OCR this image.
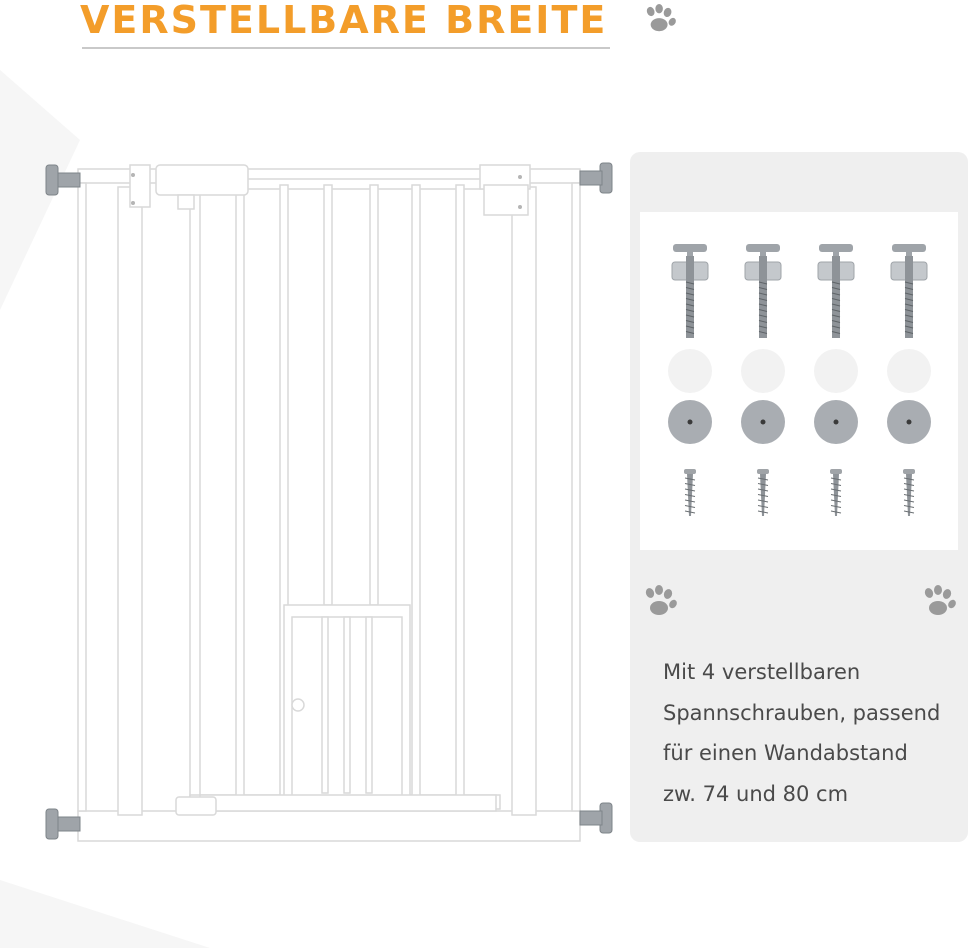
VERSTELLBARE BREITE
Mit 4 verstellbaren
Spannschrauben, passend
für einen Wandabstand
zw. 74 und 80 cm
